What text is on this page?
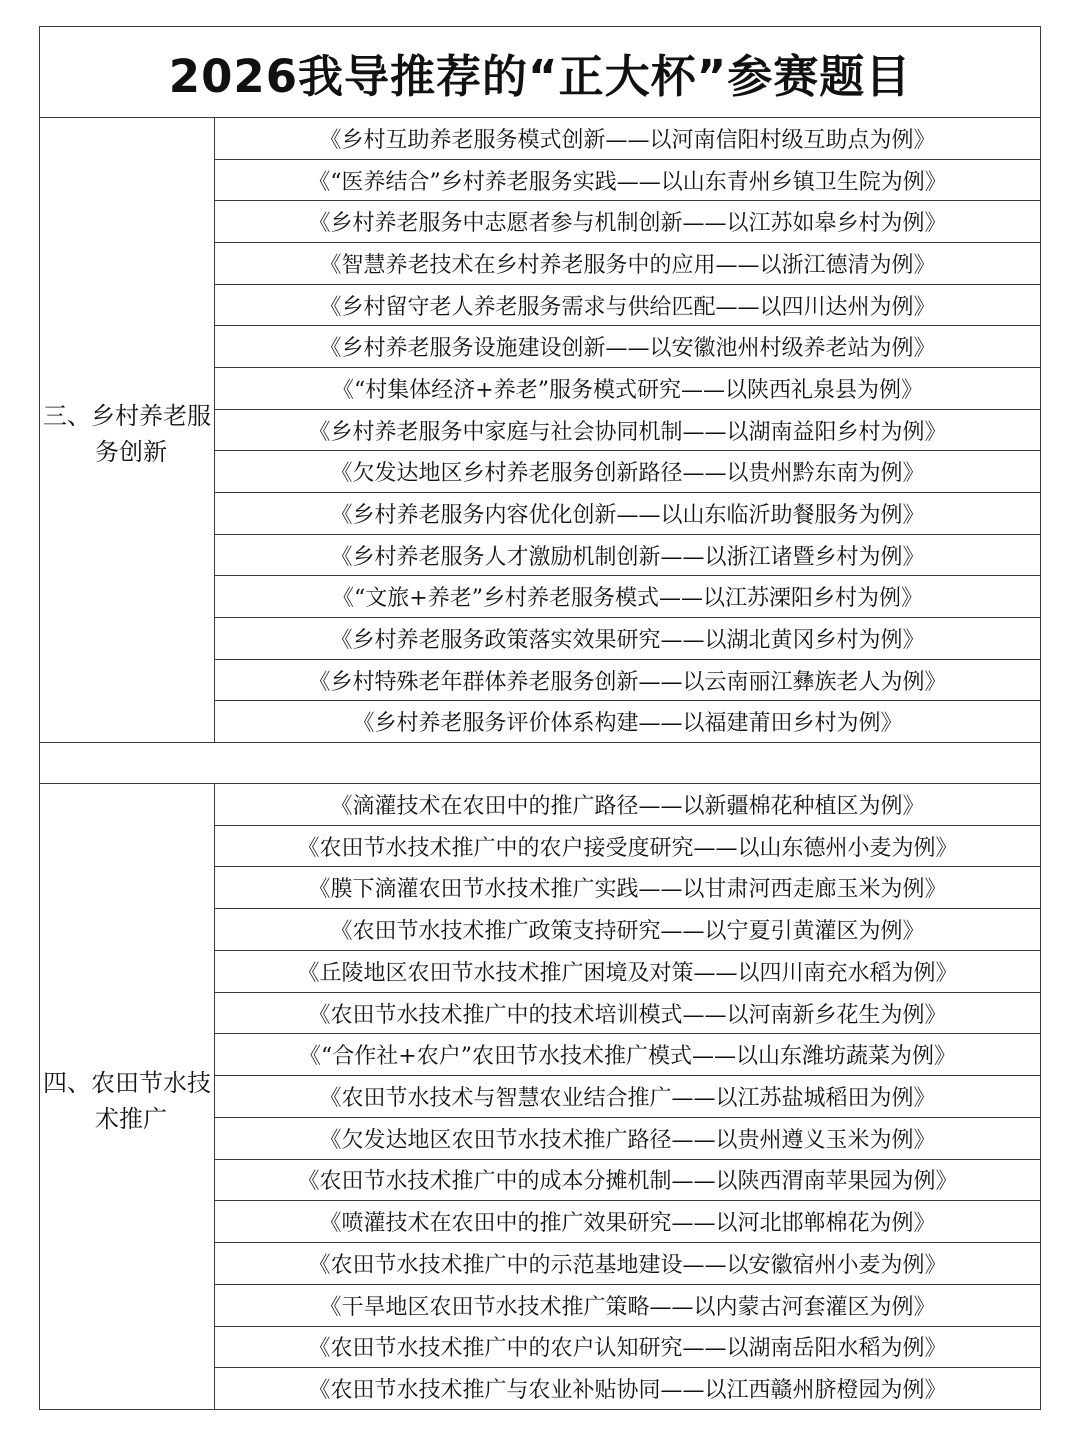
2026我导推荐的“正大杯”参赛题目
三、乡村养老服
务创新
《乡村互助养老服务模式创新——以河南信阳村级互助点为例》
《“医养结合”乡村养老服务实践——以山东青州乡镇卫生院为例》
《乡村养老服务中志愿者参与机制创新——以江苏如皋乡村为例》
《智慧养老技术在乡村养老服务中的应用——以浙江德清为例》
《乡村留守老人养老服务需求与供给匹配——以四川达州为例》
《乡村养老服务设施建设创新——以安徽池州村级养老站为例》
《“村集体经济+养老”服务模式研究——以陕西礼泉县为例》
《乡村养老服务中家庭与社会协同机制——以湖南益阳乡村为例》
《欠发达地区乡村养老服务创新路径——以贵州黔东南为例》
《乡村养老服务内容优化创新——以山东临沂助餐服务为例》
《乡村养老服务人才激励机制创新——以浙江诸暨乡村为例》
《“文旅+养老”乡村养老服务模式——以江苏溧阳乡村为例》
《乡村养老服务政策落实效果研究——以湖北黄冈乡村为例》
《乡村特殊老年群体养老服务创新——以云南丽江彝族老人为例》
《乡村养老服务评价体系构建——以福建莆田乡村为例》
四、农田节水技
术推广
《滴灌技术在农田中的推广路径——以新疆棉花种植区为例》
《农田节水技术推广中的农户接受度研究——以山东德州小麦为例》
《膜下滴灌农田节水技术推广实践——以甘肃河西走廊玉米为例》
《农田节水技术推广政策支持研究——以宁夏引黄灌区为例》
《丘陵地区农田节水技术推广困境及对策——以四川南充水稻为例》
《农田节水技术推广中的技术培训模式——以河南新乡花生为例》
《“合作社+农户”农田节水技术推广模式——以山东潍坊蔬菜为例》
《农田节水技术与智慧农业结合推广——以江苏盐城稻田为例》
《欠发达地区农田节水技术推广路径——以贵州遵义玉米为例》
《农田节水技术推广中的成本分摊机制——以陕西渭南苹果园为例》
《喷灌技术在农田中的推广效果研究——以河北邯郸棉花为例》
《农田节水技术推广中的示范基地建设——以安徽宿州小麦为例》
《干旱地区农田节水技术推广策略——以内蒙古河套灌区为例》
《农田节水技术推广中的农户认知研究——以湖南岳阳水稻为例》
《农田节水技术推广与农业补贴协同——以江西赣州脐橙园为例》
